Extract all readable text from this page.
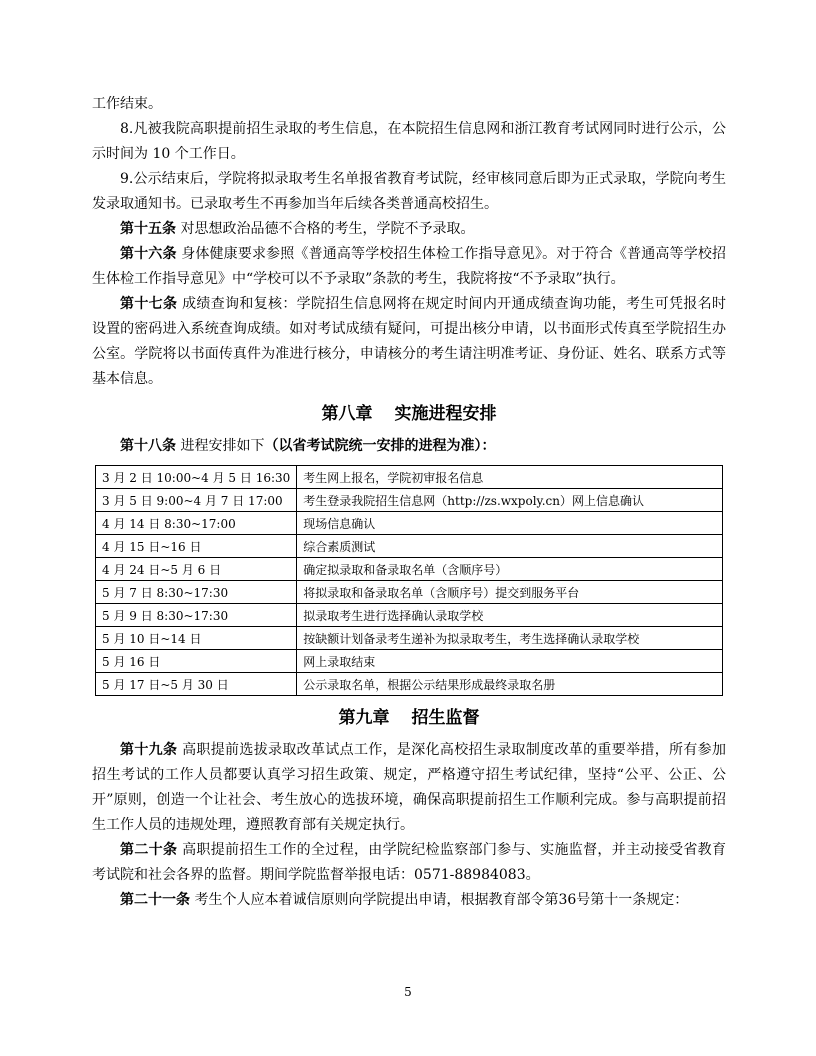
工作结束。

8.凡被我院高职提前招生录取的考生信息，在本院招生信息网和浙江教育考试网同时进行公示，公示时间为 10 个工作日。

9.公示结束后，学院将拟录取考生名单报省教育考试院，经审核同意后即为正式录取，学院向考生发录取通知书。已录取考生不再参加当年后续各类普通高校招生。

第十五条 对思想政治品德不合格的考生，学院不予录取。

第十六条 身体健康要求参照《普通高等学校招生体检工作指导意见》。对于符合《普通高等学校招生体检工作指导意见》中“学校可以不予录取”条款的考生，我院将按“不予录取”执行。

第十七条 成绩查询和复核：学院招生信息网将在规定时间内开通成绩查询功能，考生可凭报名时设置的密码进入系统查询成绩。如对考试成绩有疑问，可提出核分申请，以书面形式传真至学院招生办公室。学院将以书面传真件为准进行核分，申请核分的考生请注明准考证、身份证、姓名、联系方式等基本信息。

第八章 实施进程安排

第十八条 进程安排如下（以省考试院统一安排的进程为准）：

3 月 2 日 10:00~4 月 5 日 16:30	考生网上报名，学院初审报名信息
3 月 5 日 9:00~4 月 7 日 17:00	考生登录我院招生信息网（http://zs.wxpoly.cn）网上信息确认
4 月 14 日 8:30~17:00	现场信息确认
4 月 15 日~16 日	综合素质测试
4 月 24 日~5 月 6 日	确定拟录取和备录取名单（含顺序号）
5 月 7 日 8:30~17:30	将拟录取和备录取名单（含顺序号）提交到服务平台
5 月 9 日 8:30~17:30	拟录取考生进行选择确认录取学校
5 月 10 日~14 日	按缺额计划备录考生递补为拟录取考生，考生选择确认录取学校
5 月 16 日	网上录取结束
5 月 17 日~5 月 30 日	公示录取名单，根据公示结果形成最终录取名册
第九章 招生监督

第十九条 高职提前选拔录取改革试点工作，是深化高校招生录取制度改革的重要举措，所有参加招生考试的工作人员都要认真学习招生政策、规定，严格遵守招生考试纪律，坚持“公平、公正、公开”原则，创造一个让社会、考生放心的选拔环境，确保高职提前招生工作顺利完成。参与高职提前招生工作人员的违规处理，遵照教育部有关规定执行。

第二十条 高职提前招生工作的全过程，由学院纪检监察部门参与、实施监督，并主动接受省教育考试院和社会各界的监督。期间学院监督举报电话：0571-88984083。

第二十一条 考生个人应本着诚信原则向学院提出申请，根据教育部令第36号第十一条规定：

5
